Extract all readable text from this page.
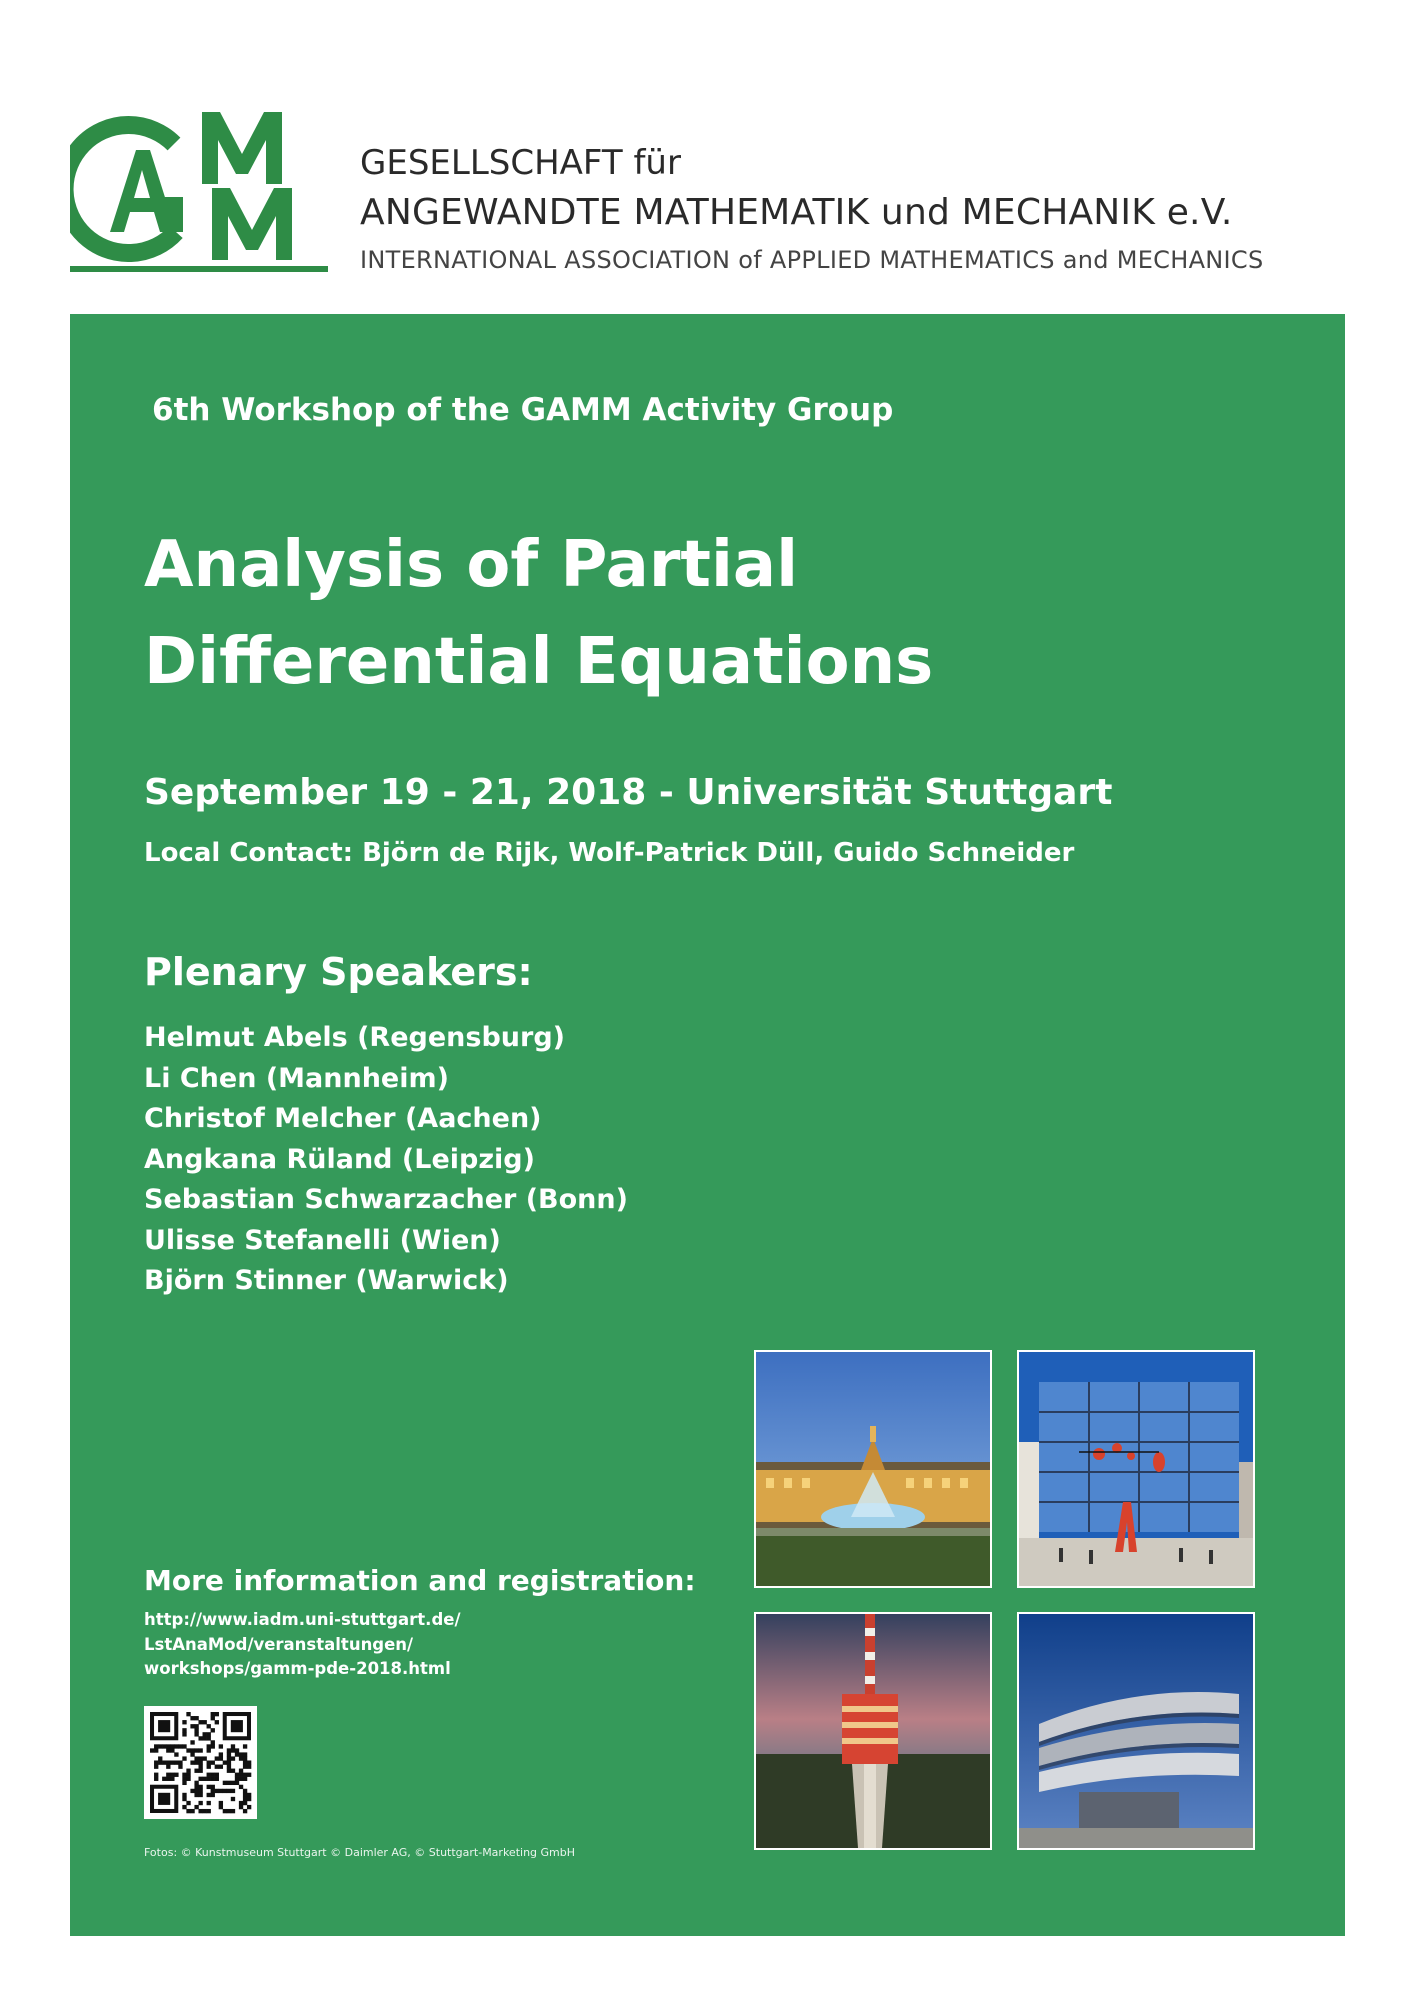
GESELLSCHAFT für
ANGEWANDTE MATHEMATIK und MECHANIK e.V.
INTERNATIONAL ASSOCIATION of APPLIED MATHEMATICS and MECHANICS
6th Workshop of the GAMM Activity Group
Analysis of Partial
Differential Equations
September 19 - 21, 2018 - Universität Stuttgart
Local Contact: Björn de Rijk, Wolf-Patrick Düll, Guido Schneider
Plenary Speakers:
Helmut Abels (Regensburg)
Li Chen (Mannheim)
Christof Melcher (Aachen)
Angkana Rüland (Leipzig)
Sebastian Schwarzacher (Bonn)
Ulisse Stefanelli (Wien)
Björn Stinner (Warwick)
More information and registration:
http://www.iadm.uni-stuttgart.de/
LstAnaMod/veranstaltungen/
workshops/gamm-pde-2018.html
Fotos: © Kunstmuseum Stuttgart © Daimler AG, © Stuttgart-Marketing GmbH
